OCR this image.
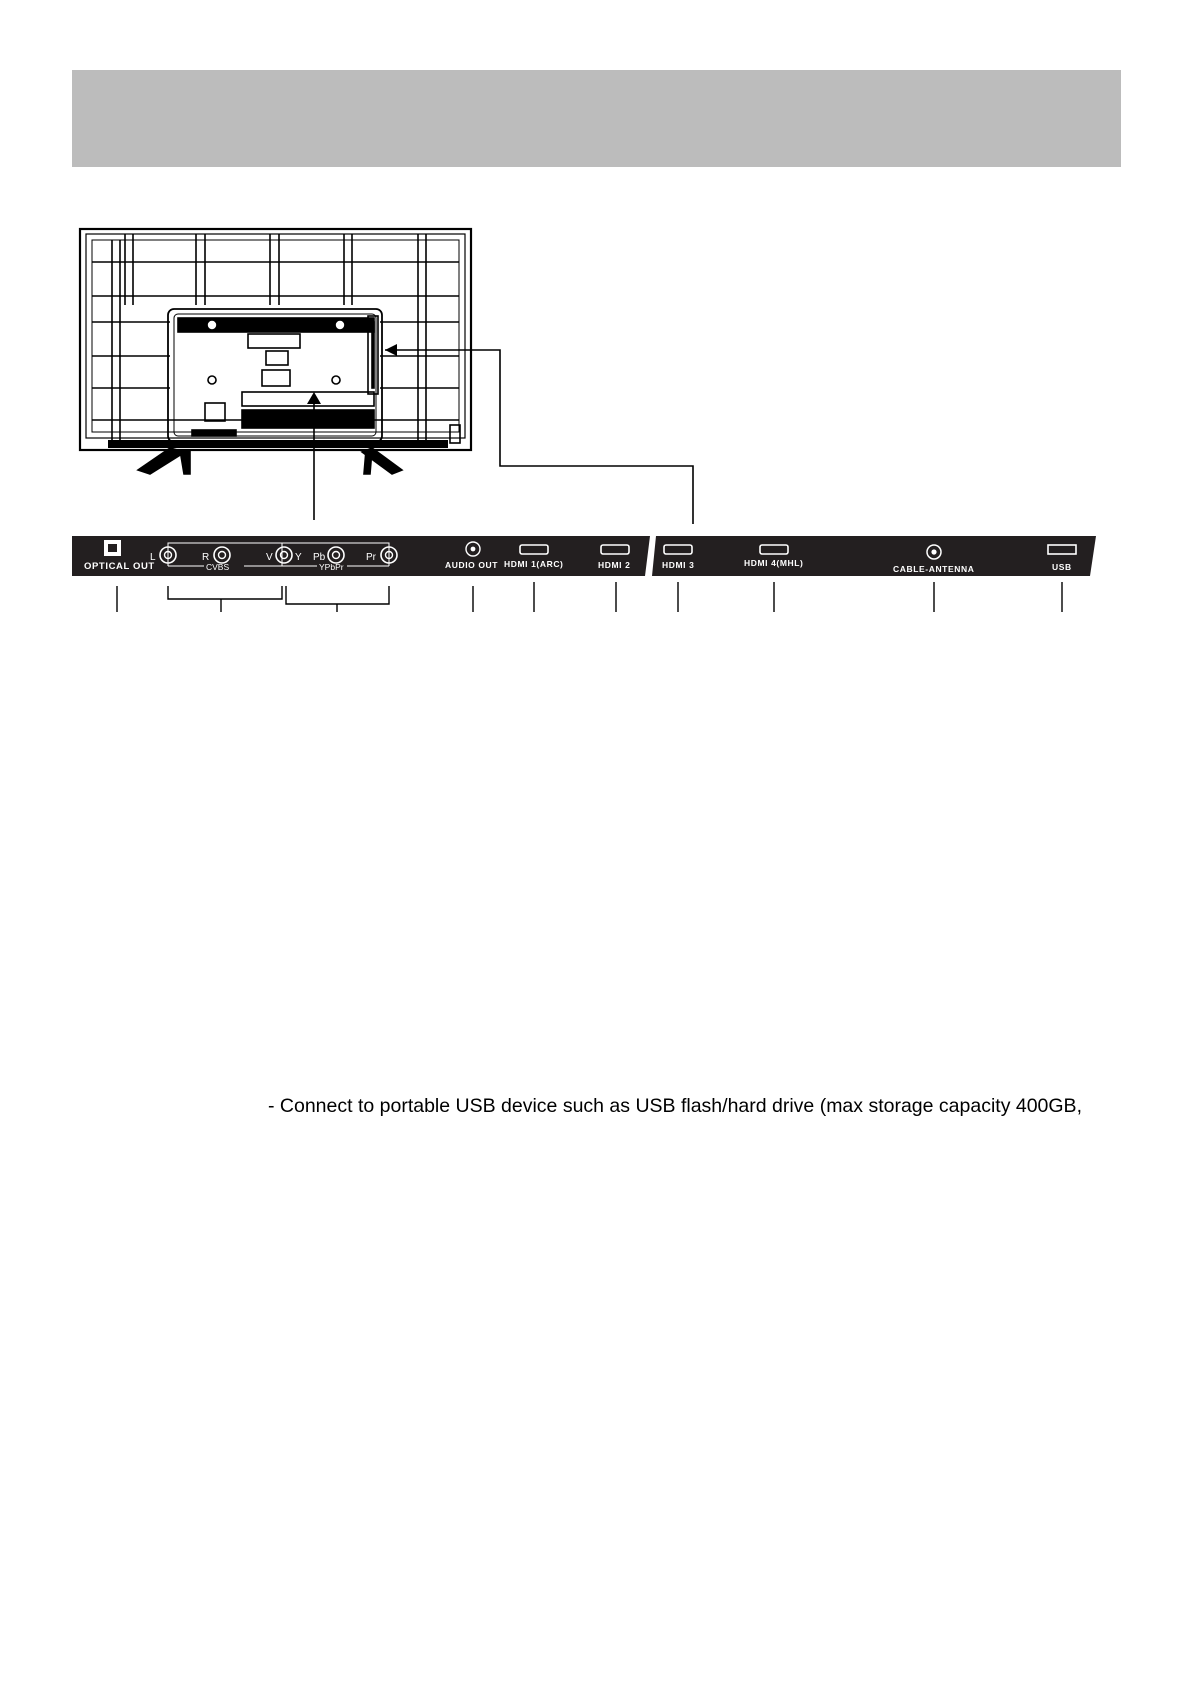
OPTICAL OUT
L	R	V Y Pb	Pr
CVBS	YPbPr	AUDIO OUT HDMI 1(ARC)	HDMI 2	HDMI 3	HDMI 4(MHL)
CABLE-ANTENNA	USB
- Connect to portable USB device such as USB flash/hard drive (max storage capacity 400GB,
